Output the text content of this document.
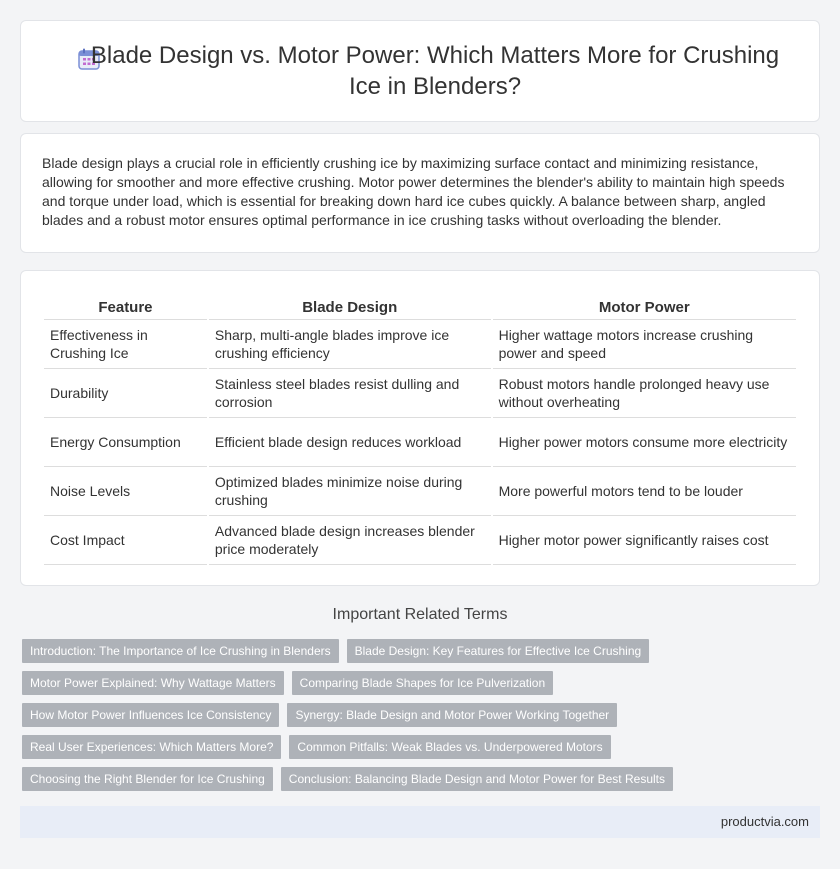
Blade Design vs. Motor Power: Which Matters More for Crushing Ice in Blenders?

Blade design plays a crucial role in efficiently crushing ice by maximizing surface contact and minimizing resistance, allowing for smoother and more effective crushing. Motor power determines the blender's ability to maintain high speeds and torque under load, which is essential for breaking down hard ice cubes quickly. A balance between sharp, angled blades and a robust motor ensures optimal performance in ice crushing tasks without overloading the blender.

Feature	Blade Design	Motor Power
Effectiveness in Crushing Ice	Sharp, multi-angle blades improve ice crushing efficiency	Higher wattage motors increase crushing power and speed
Durability	Stainless steel blades resist dulling and corrosion	Robust motors handle prolonged heavy use without overheating
Energy Consumption	Efficient blade design reduces workload	Higher power motors consume more electricity
Noise Levels	Optimized blades minimize noise during crushing	More powerful motors tend to be louder
Cost Impact	Advanced blade design increases blender price moderately	Higher motor power significantly raises cost
Important Related Terms
Introduction: The Importance of Ice Crushing in Blenders	Blade Design: Key Features for Effective Ice Crushing
Motor Power Explained: Why Wattage Matters	Comparing Blade Shapes for Ice Pulverization
How Motor Power Influences Ice Consistency	Synergy: Blade Design and Motor Power Working Together
Real User Experiences: Which Matters More?	Common Pitfalls: Weak Blades vs. Underpowered Motors
Choosing the Right Blender for Ice Crushing	Conclusion: Balancing Blade Design and Motor Power for Best Results
productvia.com
